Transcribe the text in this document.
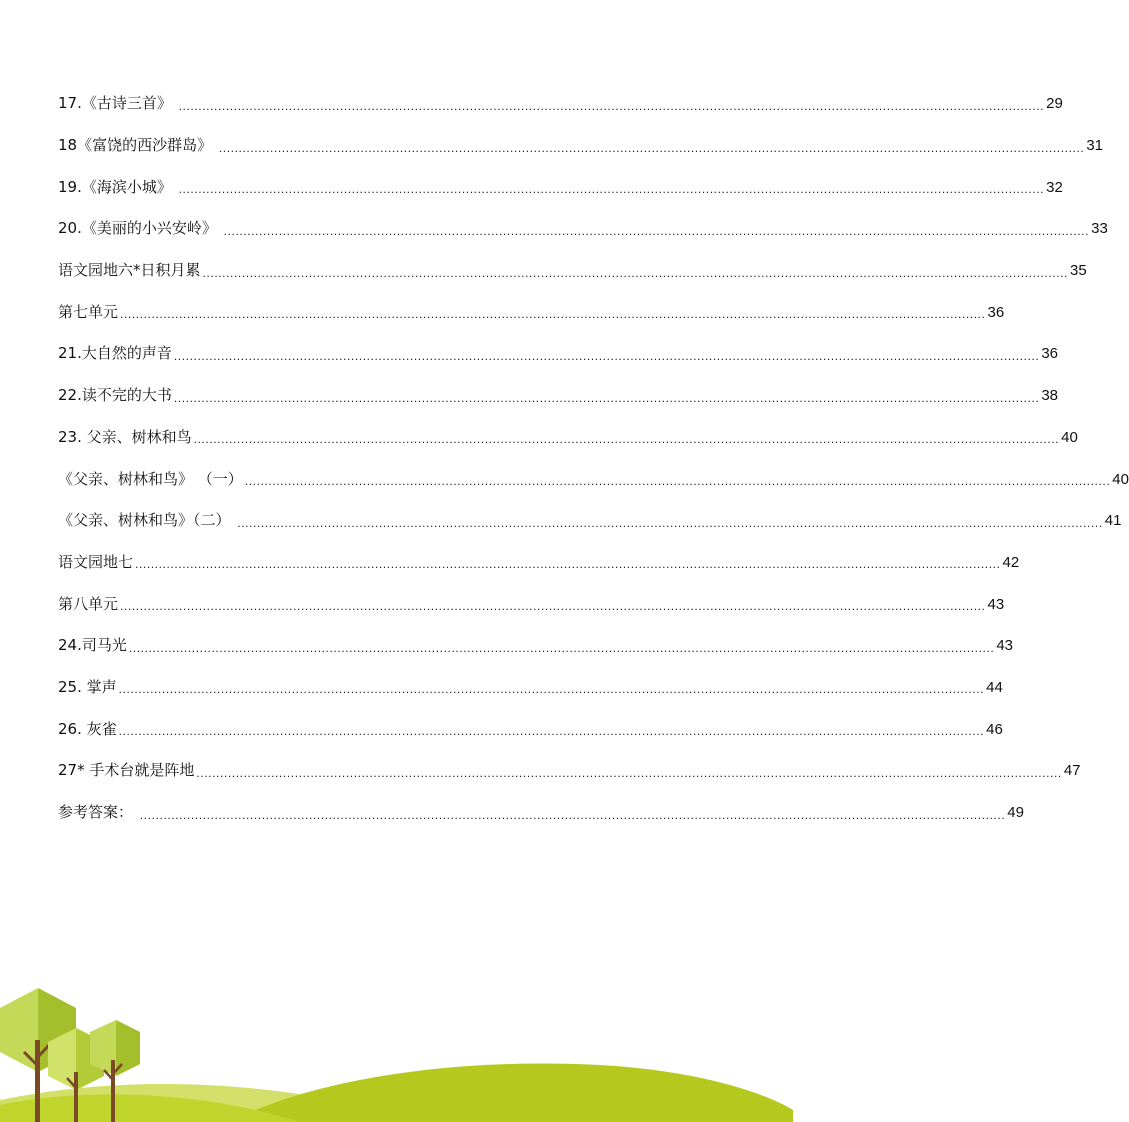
17.《古诗三首》 ............................................................................................................................................................................................................................ 29
18《富饶的西沙群岛》 ............................................................................................................................................................................................................................ 31
19.《海滨小城》 ............................................................................................................................................................................................................................ 32
20.《美丽的小兴安岭》 ............................................................................................................................................................................................................................ 33
语文园地六*日积月累 ............................................................................................................................................................................................................................ 35
第七单元 ............................................................................................................................................................................................................................ 36
21.大自然的声音 ............................................................................................................................................................................................................................ 36
22.读不完的大书 ............................................................................................................................................................................................................................ 38
23. 父亲、树林和鸟 ............................................................................................................................................................................................................................ 40
《父亲、树林和鸟》 （一） ............................................................................................................................................................................................................................ 40
《父亲、树林和鸟》（二） ............................................................................................................................................................................................................................ 41
语文园地七 ............................................................................................................................................................................................................................ 42
第八单元 ............................................................................................................................................................................................................................ 43
24.司马光 ............................................................................................................................................................................................................................ 43
25. 掌声 ............................................................................................................................................................................................................................ 44
26. 灰雀 ............................................................................................................................................................................................................................ 46
27* 手术台就是阵地 ............................................................................................................................................................................................................................ 47
参考答案： ............................................................................................................................................................................................................................ 49
